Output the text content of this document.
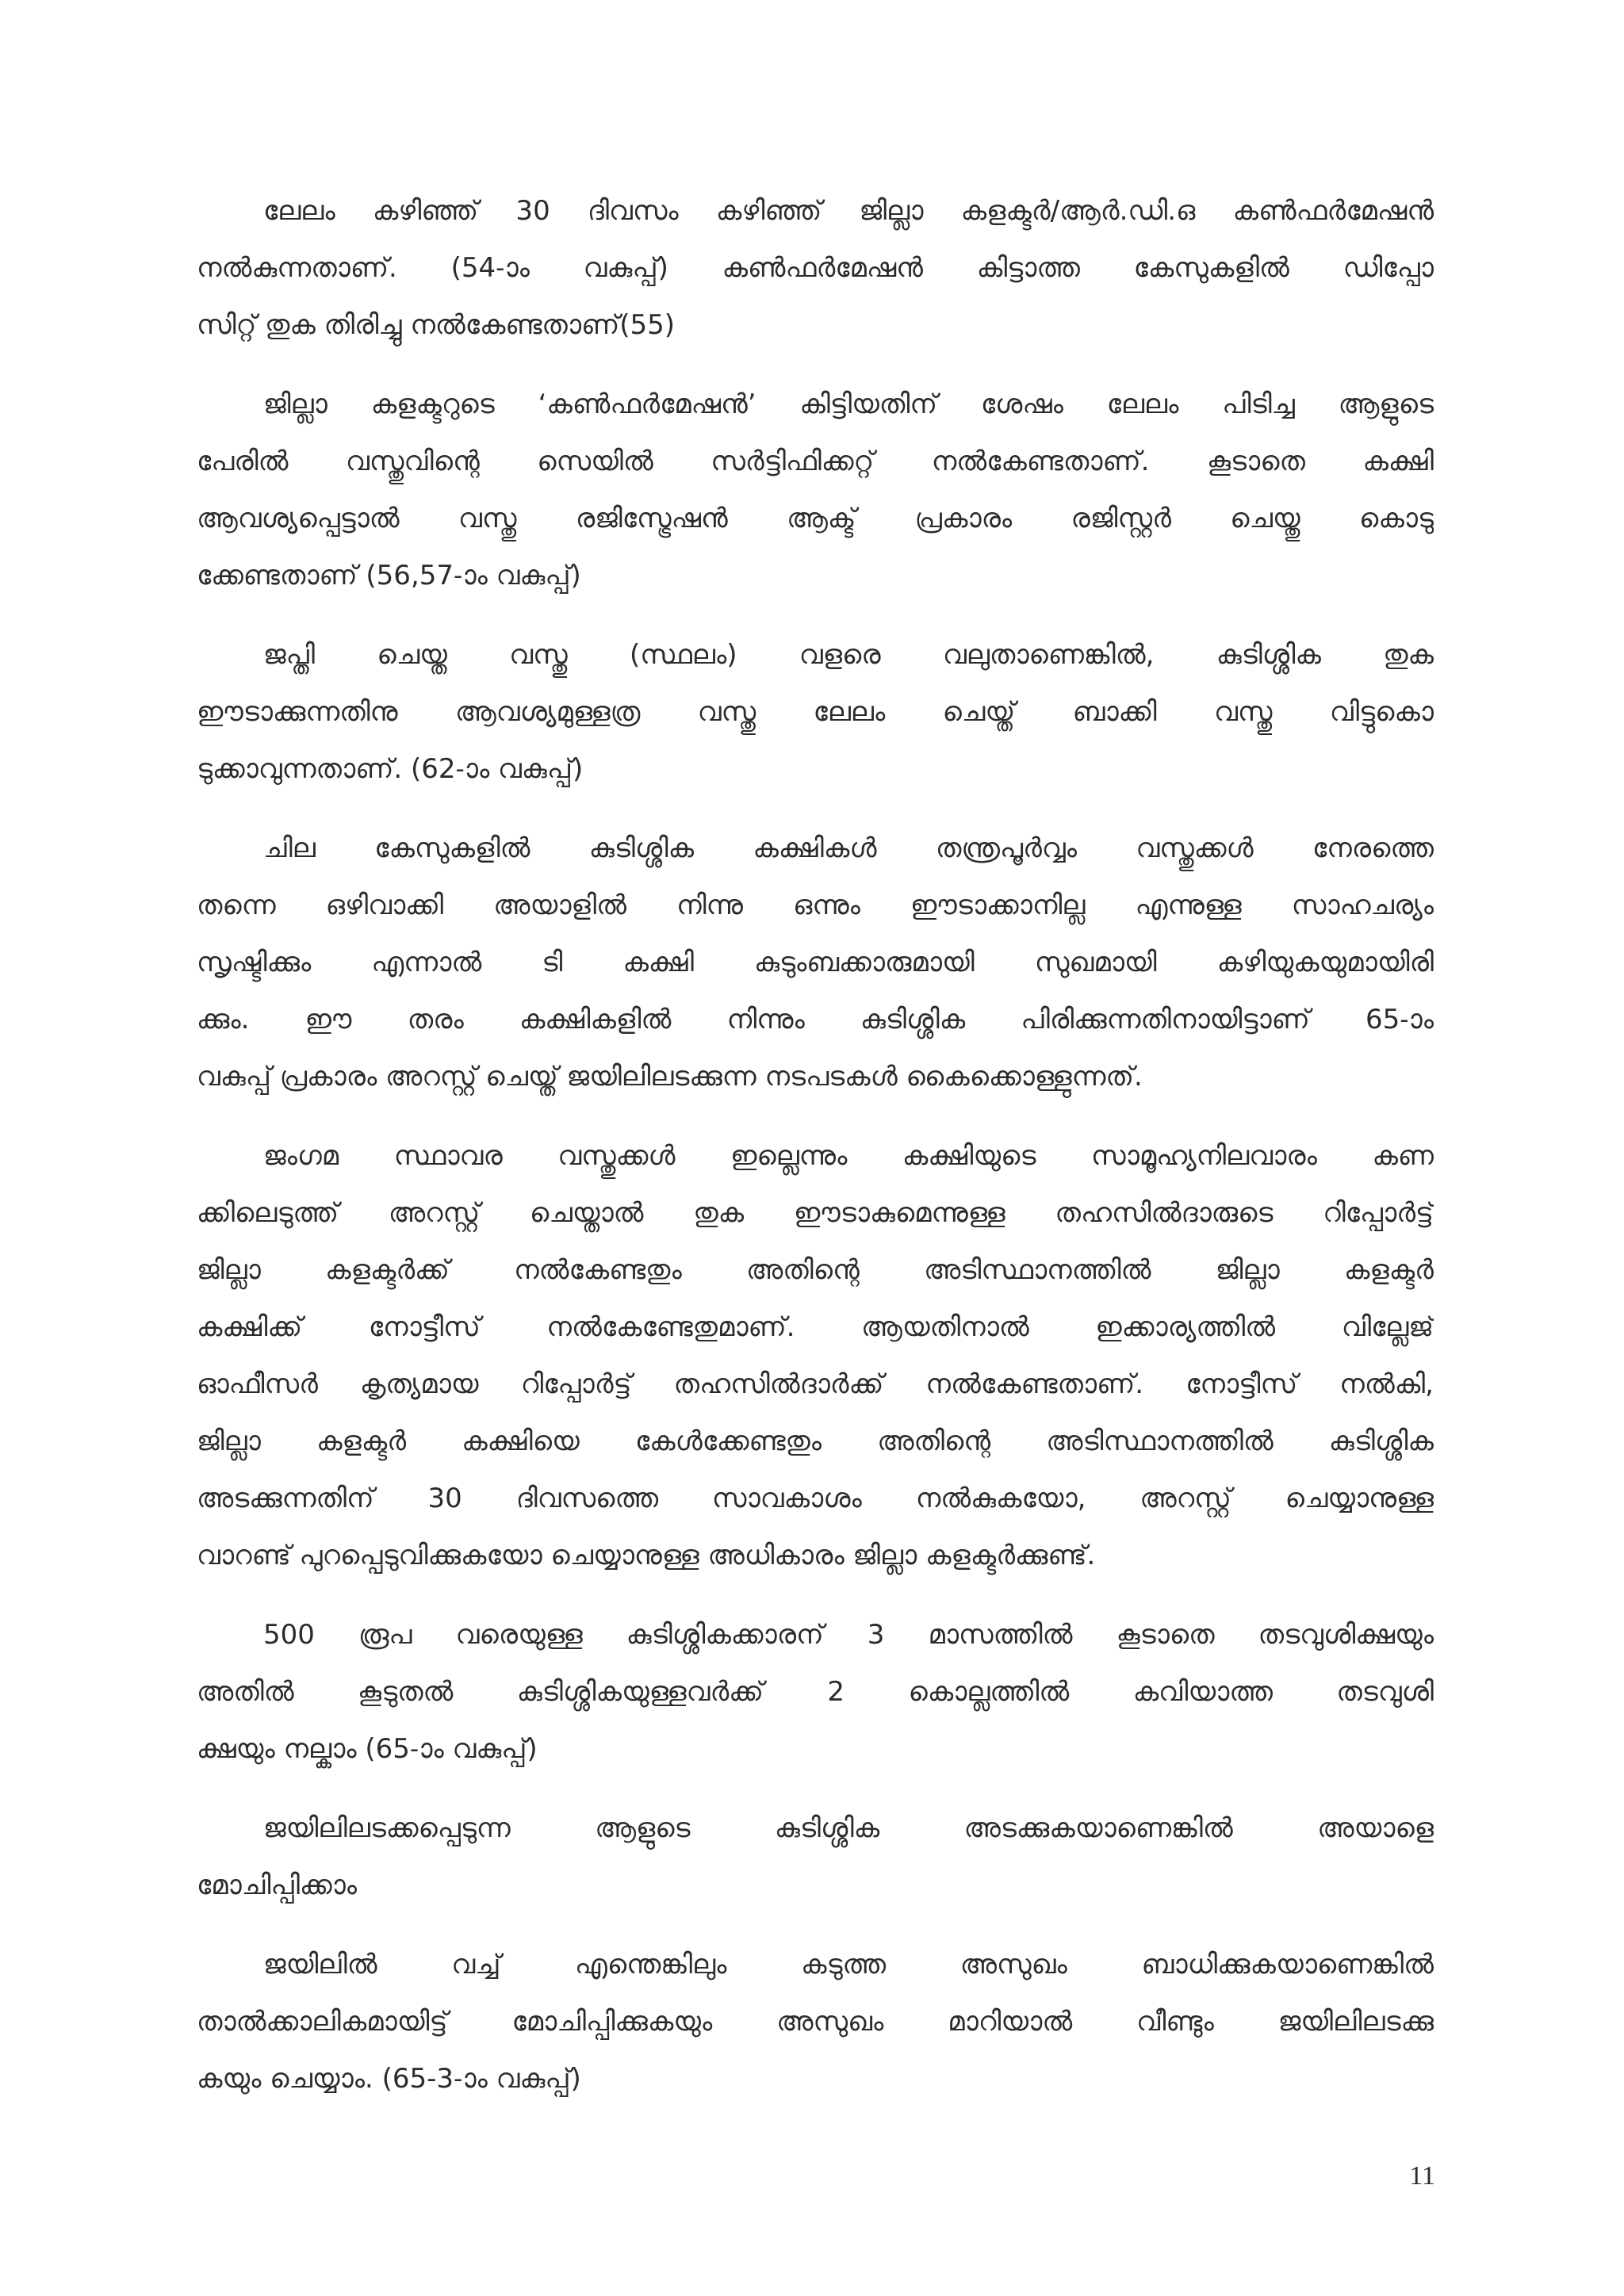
ലേലം കഴിഞ്ഞ് 30 ദിവസം കഴിഞ്ഞ് ജില്ലാ കളക്ടർ/ആർ.ഡി.ഒ കൺഫർമേഷൻ
നൽകുന്നതാണ്. (54-ാം വകുപ്പ്) കൺഫർമേഷൻ കിട്ടാത്ത കേസുകളിൽ ഡിപ്പോ
സിറ്റ് തുക തിരിച്ചു നൽകേണ്ടതാണ്(55)
ജില്ലാ കളക്ടറുടെ ‘കൺഫർമേഷൻ’ കിട്ടിയതിന് ശേഷം ലേലം പിടിച്ച ആളുടെ
പേരിൽ വസ്തുവിന്റെ സെയിൽ സർട്ടിഫിക്കറ്റ് നൽകേണ്ടതാണ്. കൂടാതെ കക്ഷി
ആവശ്യപ്പെട്ടാൽ വസ്തു രജിസ്ട്രേഷൻ ആക്ട് പ്രകാരം രജിസ്റ്റർ ചെയ്തു കൊടു
ക്കേണ്ടതാണ് (56,57-ാം വകുപ്പ്)
ജപ്തി ചെയ്ത വസ്തു (സ്ഥലം) വളരെ വലുതാണെങ്കിൽ, കുടിശ്ശിക തുക
ഈടാക്കുന്നതിനു ആവശ്യമുള്ളത്ര വസ്തു ലേലം ചെയ്ത് ബാക്കി വസ്തു വിട്ടുകൊ
ടുക്കാവുന്നതാണ്. (62-ാം വകുപ്പ്)
ചില കേസുകളിൽ കുടിശ്ശിക കക്ഷികൾ തന്ത്രപൂർവ്വം വസ്തുക്കൾ നേരത്തെ
തന്നെ ഒഴിവാക്കി അയാളിൽ നിന്നു ഒന്നും ഈടാക്കാനില്ല എന്നുള്ള സാഹചര്യം
സൃഷ്ടിക്കും എന്നാൽ ടി കക്ഷി കുടുംബക്കാരുമായി സുഖമായി കഴിയുകയുമായിരി
ക്കും. ഈ തരം കക്ഷികളിൽ നിന്നും കുടിശ്ശിക പിരിക്കുന്നതിനായിട്ടാണ് 65-ാം
വകുപ്പ് പ്രകാരം അറസ്റ്റ് ചെയ്ത് ജയിലിലടക്കുന്ന നടപടകൾ കൈക്കൊള്ളുന്നത്.
ജംഗമ സ്ഥാവര വസ്തുക്കൾ ഇല്ലെന്നും കക്ഷിയുടെ സാമൂഹ്യനിലവാരം കണ
ക്കിലെടുത്ത് അറസ്റ്റ് ചെയ്താൽ തുക ഈടാകുമെന്നുള്ള തഹസിൽദാരുടെ റിപ്പോർട്ട്
ജില്ലാ കളക്ടർക്ക് നൽകേണ്ടതും അതിന്റെ അടിസ്ഥാനത്തിൽ ജില്ലാ കളക്ടർ
കക്ഷിക്ക് നോട്ടീസ് നൽകേണ്ടേതുമാണ്. ആയതിനാൽ ഇക്കാര്യത്തിൽ വില്ലേജ്
ഓഫീസർ കൃത്യമായ റിപ്പോർട്ട് തഹസിൽദാർക്ക് നൽകേണ്ടതാണ്. നോട്ടീസ് നൽകി,
ജില്ലാ കളക്ടർ കക്ഷിയെ കേൾക്കേണ്ടതും അതിന്റെ അടിസ്ഥാനത്തിൽ കുടിശ്ശിക
അടക്കുന്നതിന് 30 ദിവസത്തെ സാവകാശം നൽകുകയോ, അറസ്റ്റ് ചെയ്യാനുള്ള
വാറണ്ട് പുറപ്പെടുവിക്കുകയോ ചെയ്യാനുള്ള അധികാരം ജില്ലാ കളക്ടർക്കുണ്ട്.
500 രൂപ വരെയുള്ള കുടിശ്ശികക്കാരന് 3 മാസത്തിൽ കൂടാതെ തടവുശിക്ഷയും
അതിൽ കൂടുതൽ കുടിശ്ശികയുള്ളവർക്ക് 2 കൊല്ലത്തിൽ കവിയാത്ത തടവുശി
ക്ഷയും നല്കാം (65-ാം വകുപ്പ്)
ജയിലിലടക്കപ്പെടുന്ന ആളുടെ കുടിശ്ശിക അടക്കുകയാണെങ്കിൽ അയാളെ
മോചിപ്പിക്കാം
ജയിലിൽ വച്ച് എന്തെങ്കിലും കടുത്ത അസുഖം ബാധിക്കുകയാണെങ്കിൽ
താൽക്കാലികമായിട്ട് മോചിപ്പിക്കുകയും അസുഖം മാറിയാൽ വീണ്ടും ജയിലിലടക്കു
കയും ചെയ്യാം. (65-3-ാം വകുപ്പ്)
11
